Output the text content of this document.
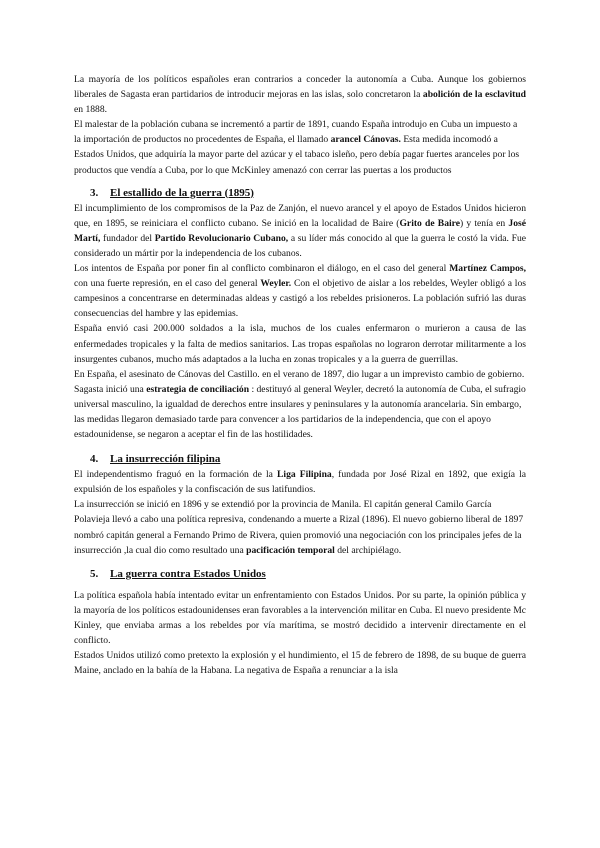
La mayoría de los políticos españoles eran contrarios a conceder la autonomía a Cuba. Aunque los gobiernos liberales de Sagasta eran partidarios de introducir mejoras en las islas, solo concretaron la abolición de la esclavitud en 1888.

El malestar de la población cubana se incrementó a partir de 1891, cuando España introdujo en Cuba un impuesto a la importación de productos no procedentes de España, el llamado arancel Cánovas. Esta medida incomodó a Estados Unidos, que adquiría la mayor parte del azúcar y el tabaco isleño, pero debía pagar fuertes aranceles por los productos que vendía a Cuba, por lo que McKinley amenazó con cerrar las puertas a los productos

3. El estallido de la guerra (1895)

El incumplimiento de los compromisos de la Paz de Zanjón, el nuevo arancel y el apoyo de Estados Unidos hicieron que, en 1895, se reiniciara el conflicto cubano. Se inició en la localidad de Baire (Grito de Baire) y tenía en José Martí, fundador del Partido Revolucionario Cubano, a su líder más conocido al que la guerra le costó la vida. Fue considerado un mártir por la independencia de los cubanos.

Los intentos de España por poner fin al conflicto combinaron el diálogo, en el caso del general Martínez Campos, con una fuerte represión, en el caso del general Weyler. Con el objetivo de aislar a los rebeldes, Weyler obligó a los campesinos a concentrarse en determinadas aldeas y castigó a los rebeldes prisioneros. La población sufrió las duras consecuencias del hambre y las epidemias.

España envió casi 200.000 soldados a la isla, muchos de los cuales enfermaron o murieron a causa de las enfermedades tropicales y la falta de medios sanitarios. Las tropas españolas no lograron derrotar militarmente a los insurgentes cubanos, mucho más adaptados a la lucha en zonas tropicales y a la guerra de guerrillas.

En España, el asesinato de Cánovas del Castillo. en el verano de 1897, dio lugar a un imprevisto cambio de gobierno. Sagasta inició una estrategia de conciliación : destituyó al general Weyler, decretó la autonomía de Cuba, el sufragio universal masculino, la igualdad de derechos entre insulares y peninsulares y la autonomía arancelaria. Sin embargo, las medidas llegaron demasiado tarde para convencer a los partidarios de la independencia, que con el apoyo estadounidense, se negaron a aceptar el fin de las hostilidades.

4. La insurrección filipina

El independentismo fraguó en la formación de la Liga Filipina, fundada por José Rizal en 1892, que exigía la expulsión de los españoles y la confiscación de sus latifundios.

La insurrección se inició en 1896 y se extendió por la provincia de Manila. El capitán general Camilo García Polavieja llevó a cabo una política represiva, condenando a muerte a Rizal (1896). El nuevo gobierno liberal de 1897 nombró capitán general a Fernando Primo de Rivera, quien promovió una negociación con los principales jefes de la insurrección ,la cual dio como resultado una pacificación temporal del archipiélago.

5. La guerra contra Estados Unidos

La política española había intentado evitar un enfrentamiento con Estados Unidos. Por su parte, la opinión pública y la mayoría de los políticos estadounidenses eran favorables a la intervención militar en Cuba. El nuevo presidente Mc Kinley, que enviaba armas a los rebeldes por vía marítima, se mostró decidido a intervenir directamente en el conflicto.

Estados Unidos utilizó como pretexto la explosión y el hundimiento, el 15 de febrero de 1898, de su buque de guerra Maine, anclado en la bahía de la Habana. La negativa de España a renunciar a la isla
